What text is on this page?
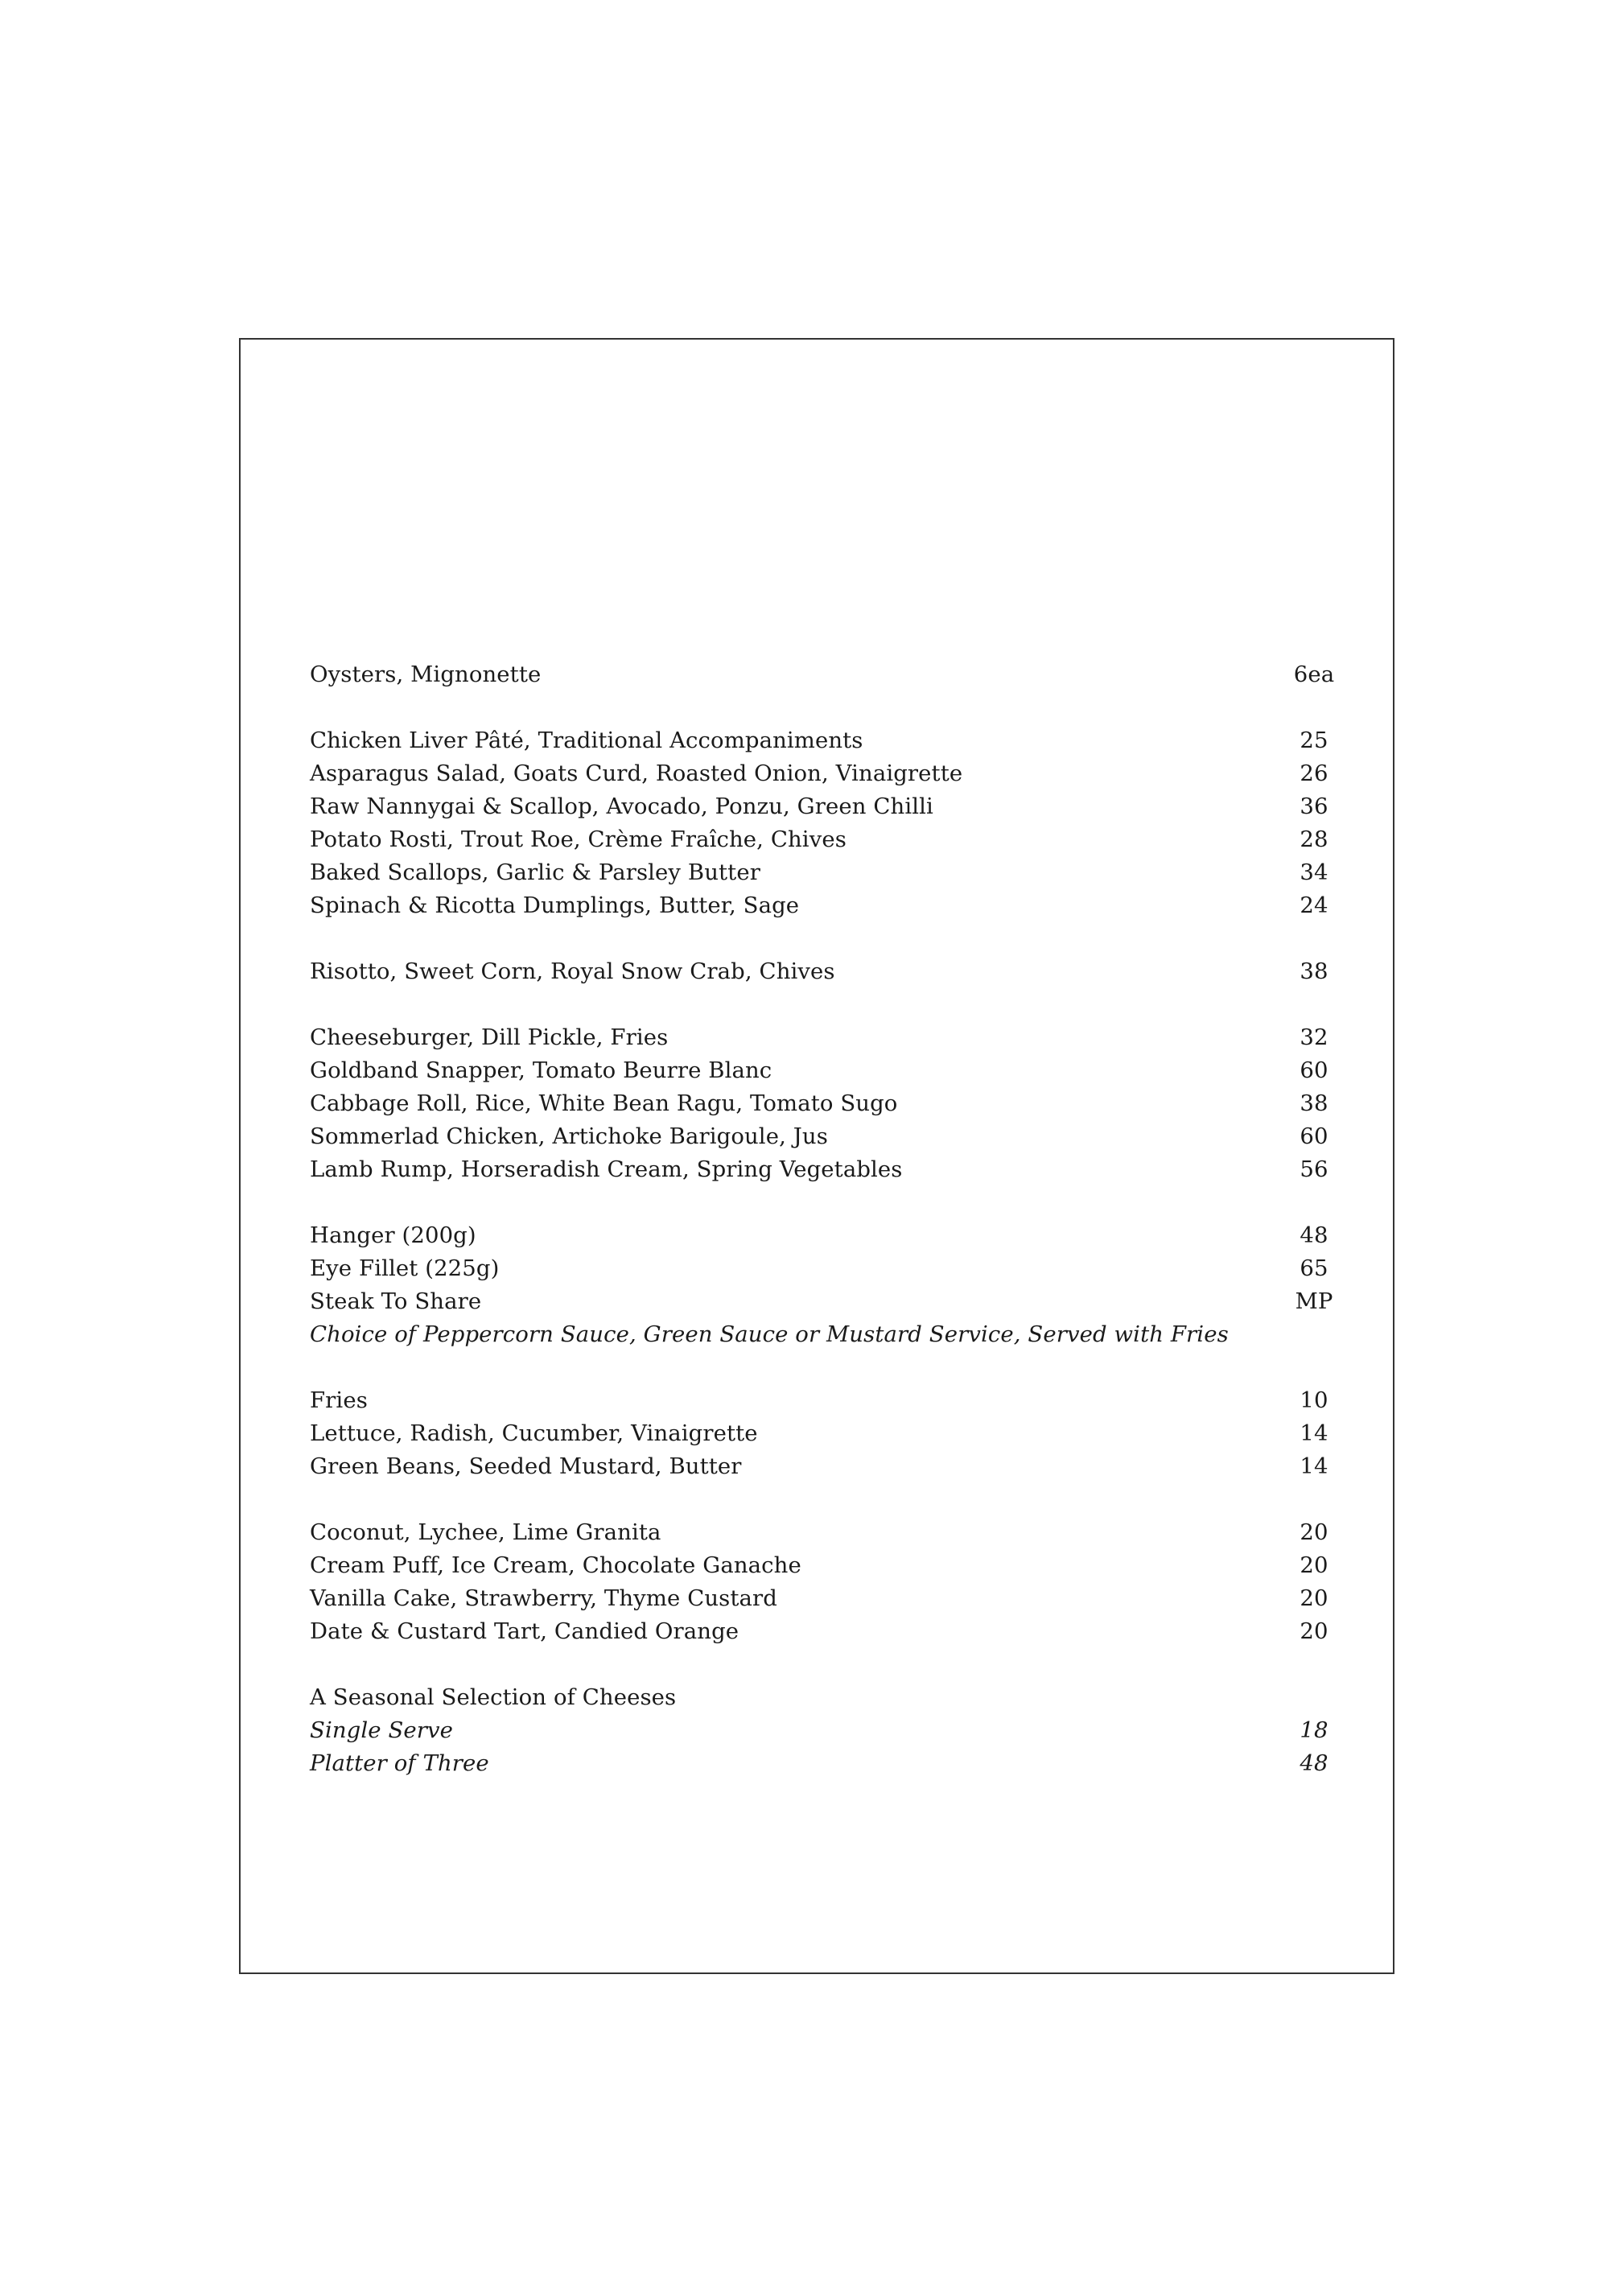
Oysters, Mignonette	6ea
Chicken Liver Pâté, Traditional Accompaniments	25
Asparagus Salad, Goats Curd, Roasted Onion, Vinaigrette	26
Raw Nannygai & Scallop, Avocado, Ponzu, Green Chilli	36
Potato Rosti, Trout Roe, Crème Fraîche, Chives	28
Baked Scallops, Garlic & Parsley Butter	34
Spinach & Ricotta Dumplings, Butter, Sage	24
Risotto, Sweet Corn, Royal Snow Crab, Chives	38
Cheeseburger, Dill Pickle, Fries	32
Goldband Snapper, Tomato Beurre Blanc	60
Cabbage Roll, Rice, White Bean Ragu, Tomato Sugo	38
Sommerlad Chicken, Artichoke Barigoule, Jus	60
Lamb Rump, Horseradish Cream, Spring Vegetables	56
Hanger (200g)	48
Eye Fillet (225g)	65
Steak To Share	MP
Choice of Peppercorn Sauce, Green Sauce or Mustard Service, Served with Fries
Fries	10
Lettuce, Radish, Cucumber, Vinaigrette	14
Green Beans, Seeded Mustard, Butter	14
Coconut, Lychee, Lime Granita	20
Cream Puff, Ice Cream, Chocolate Ganache	20
Vanilla Cake, Strawberry, Thyme Custard	20
Date & Custard Tart, Candied Orange	20
A Seasonal Selection of Cheeses
Single Serve	18
Platter of Three	48
